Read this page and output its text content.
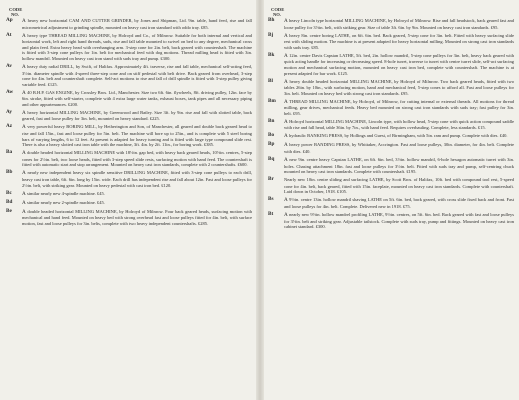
CODE NO.
Ap	A heavy new horizontal CAM AND CUTTER GRINDER, by Jones and Shipman, Ltd. 9in. table, hand feed, rise and fall micrometrical adjustment to grinding spindle, mounted on heavy cast iron standard with oddo tray. £85.
At	A heavy type THREAD MILLING MACHINE, by Holroyd and Co., of Milnrow. Suitable for both internal and vertical and horizontal work, left and right hand threads, suds, rise and fall table mounted to swivel on bed to any degree, mechanical cross and plain feed. Extra heavy head with overhanging arm. 3-step cone for 2in. belt, back geared with countershaft. The machine is fitted with 3-step cone pulleys for 1in. belt for mechanical feed with dog motions. Thread milling head is fitted with 3in. hollow mandril. Mounted on heavy cast iron stand with suds tray and pump. £300.
Av	A heavy duty radial DRILL, by Swift, of Halifax. Approximately 4ft. traverse, rise and fall table, mechanical self-acting feed, 3½in. diameter spindle with 4-speed three-step cone and on stiff pedestal with belt drive. Back geared from overhead, 3-step cone for 4in. belt and countershaft complete. Self-act motions to rise and fall of drill spindle is fitted with 3-step pulley giving variable feed. £125.
Aw	A 40 B.H.P. GAS ENGINE, by Crossley Bros. Ltd., Manchester. Size two 6ft. 6in. flywheels, 8ft. driving pulley, 12in. face by 6in. stroke, fitted with self-starter, complete with 4 extra large water tanks, exhaust boxes, tank pipes and all necessary piping and other appurtenances. £200.
Ay	A heavy horizontal MILLING MACHINE, by Greenwood and Batley. Size 3ft. by 9in. rise and fall with slotted table, back geared, fast and loose pulley for 3in. belt, mounted on heavy standard. £225.
Az	A very powerful heavy BORING MILL, by Hetherington and Son, of Manchester, all geared and double back geared head to rise and fall 15in., fast and loose pulley for 5in. belt. The machine will bore up to 25in., and is complete with 5 steel boring bars of varying lengths, 6 to 12 feet. At present is adapted for heavy turning and is fitted with large type compound slide rest. There is also a heavy slotted cast iron table with the machine, 3ft. 4in. by 2ft. 11in., for boring work. £385.
Ba	A double headed horizontal MILLING MACHINE with 18½in. gap bed, with heavy back geared heads, 10½in. centres, 5-step cones for 2½in. belt, two loose heads, fitted with 3-step speed slide rests, surfacing motion with hand feed. The countershaft is fitted with automatic start and stop arrangement. Mounted on heavy cast iron standards, complete with 2 countershafts. £600.
Bb	A nearly new independent heavy six spindle sensitive DRILLING MACHINE, fitted with 3-step cone pulleys to each drill, heavy cast iron table, 6ft. 6in. long by 15in. wide. Each drill has independent rise and fall about 12in. Fast and loose pulleys for 2½in. belt, with striking gear. Mounted on heavy pedestal with cast iron bed. £120.
Bc	A similar nearly new 4-spindle machine. £45.
Bd	A similar nearly new 2-spindle machine. £45.
Be	A double headed horizontal MILLING MACHINE, by Holroyd of Milnrow. Four back geared heads, surfacing motion with mechanical and hand feed. Mounted on heavy bed with strong overhead fast and loose pulleys fitted for 4in. belt, with surface motion, fast and loose pulleys for 3in. belts, complete with two heavy independent countershafts. £285.
CODE NO.
Bh	A heavy Lincoln type horizontal MILLING MACHINE, by Holroyd of Milnrow. Rise and fall headstock, back geared fast and loose pulley for 3½in. belt, with striking gear. Size of table 3ft. 6in. by 9in. Mounted on heavy cast iron standards. £95.
Bj	A heavy 8in. centre boring LATHE, on 6ft. 6in. bed. Back geared, 5-step cone for 3in. belt. Fitted with heavy surfacing slide rest with sliding motion. The machine is at present adapted for heavy horizontal milling. Mounted on strong cast iron standards with suds tray. £85.
Bk	A 12in. centre Davis Capstan LATHE, 5ft. bed, 2in. hollow mandril, 5-step cone pulleys for 3in. belt, heavy back geared with quick acting handle for increasing or decreasing speed. 8-hole turret, traverse to turret with centre turret slide, self-act surfacing motion and mechanical surfacing motion, mounted on heavy cast iron bed, complete with countershaft. The machine is at present adapted for bar work. £125.
Bl	A heavy double headed horizontal MILLING MACHINE, by Holroyd of Milnrow. Two back geared heads, fitted with two tables 26in. by 10in., with surfacing motion, hand and mechanical feed, 5-step cones to afford all. Fast and loose pulleys for 3in. belt. Mounted on heavy bed with strong cast iron standards. £95.
Bm	A THREAD MILLING MACHINE, by Holroyd, of Milnrow, for cutting internal or external threads. All motions for thread milling, gear drives, mechanical feeds. Heavy bed mounted on strong cast iron standards with suds tray; fast pulley for 3in. belt. £95.
Bn	A Holroyd horizontal MILLING MACHINE, Lincoln type, with hollow head, 5-step cone with quick action compound saddle with rise and fall head, table 36in. by 7in., with hand feed. Requires overhauling. Complete, less standards. £15.
Bo	A hydraulic BANKING PRESS, by Hollings and Guest, of Birmingham, with 5in. ram and pump. Complete with dies. £40.
Bp	A heavy power BANDING PRESS, by Whittaker, Accrington. Fast and loose pulleys, 30in. diameter, for 4in. belt. Complete with dies. £40.
Bq	A new 9in. centre heavy Capstan LATHE, on 6ft. 6in. bed, 3½in. hollow mandril, 6-hole hexagon automatic turret with 3in. holes. Chasing attachment 18in. fast and loose pulleys for 3½in. belt. Fitted with suds tray and pump, self-centring chuck mounted on heavy cast iron standards. Complete with countershaft. £195.
Br	Nearly new 10in. centre sliding and surfacing LATHE, by Scott Bros. of Halifax, 10ft. bed with compound tool rest, 5-speed cone for 4in. belt, back geared, fitted with 15in. faceplate, mounted on heavy cast iron standards. Complete with countershaft. Laid down in October, 1918. £105.
Bs	A 9½in. centre 13in. hollow mandril shaving LATHE on 5ft. 6in. bed, back geared, with cross slide fixed back and front. Fast and loose pulleys for 4in. belt. Complete. Delivered new in 1918. £75.
Bt	A nearly new 9½in. hollow mandrel profiling LATHE, 9½in. centres, on 5ft. 6in. bed. Back geared with fast and loose pulleys for 3½in. belt and striking gear. Adjustable tailstock. Complete with suds tray, pump and fittings. Mounted on heavy cast iron cabinet standard. £300.
